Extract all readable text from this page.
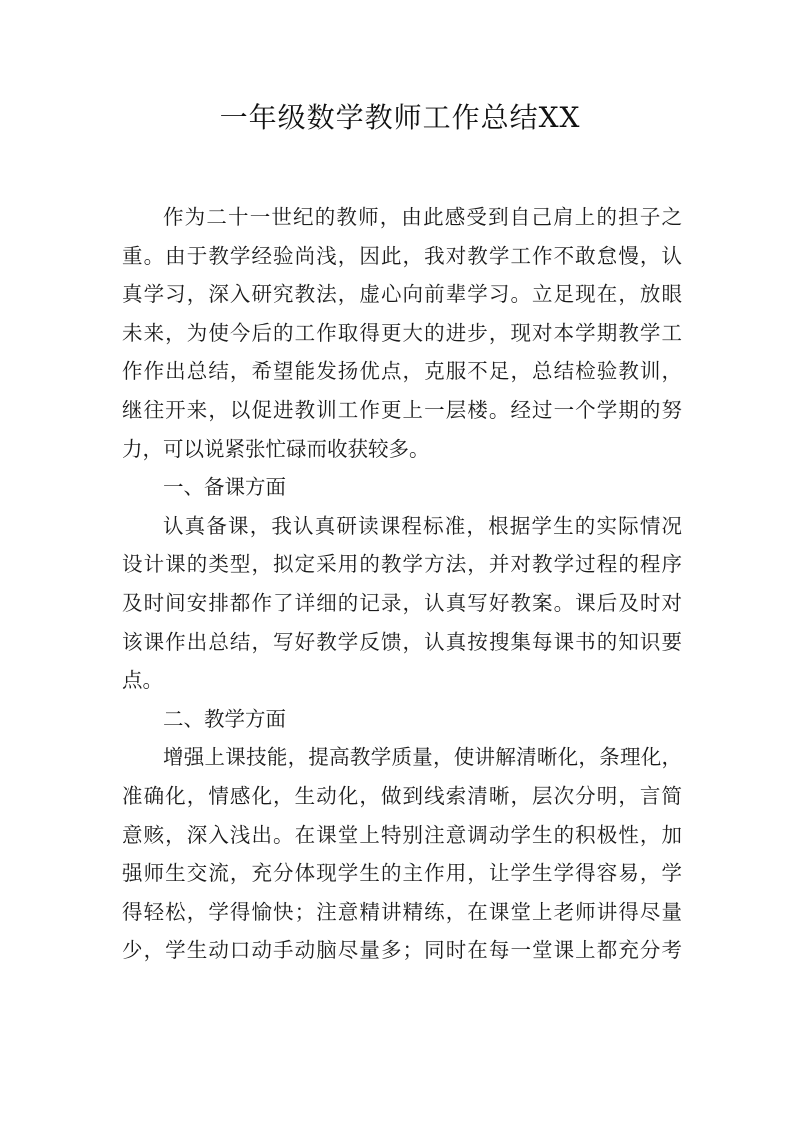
一年级数学教师工作总结XX
作为二十一世纪的教师，由此感受到自己肩上的担子之
重。由于教学经验尚浅，因此，我对教学工作不敢怠慢，认
真学习，深入研究教法，虚心向前辈学习。立足现在，放眼
未来，为使今后的工作取得更大的进步，现对本学期教学工
作作出总结，希望能发扬优点，克服不足，总结检验教训，
继往开来，以促进教训工作更上一层楼。经过一个学期的努
力，可以说紧张忙碌而收获较多。
一、备课方面
认真备课，我认真研读课程标准，根据学生的实际情况
设计课的类型，拟定采用的教学方法，并对教学过程的程序
及时间安排都作了详细的记录，认真写好教案。课后及时对
该课作出总结，写好教学反馈，认真按搜集每课书的知识要
点。
二、教学方面
增强上课技能，提高教学质量，使讲解清晰化，条理化，
准确化，情感化，生动化，做到线索清晰，层次分明，言简
意赅，深入浅出。在课堂上特别注意调动学生的积极性，加
强师生交流，充分体现学生的主作用，让学生学得容易，学
得轻松，学得愉快；注意精讲精练，在课堂上老师讲得尽量
少，学生动口动手动脑尽量多；同时在每一堂课上都充分考
